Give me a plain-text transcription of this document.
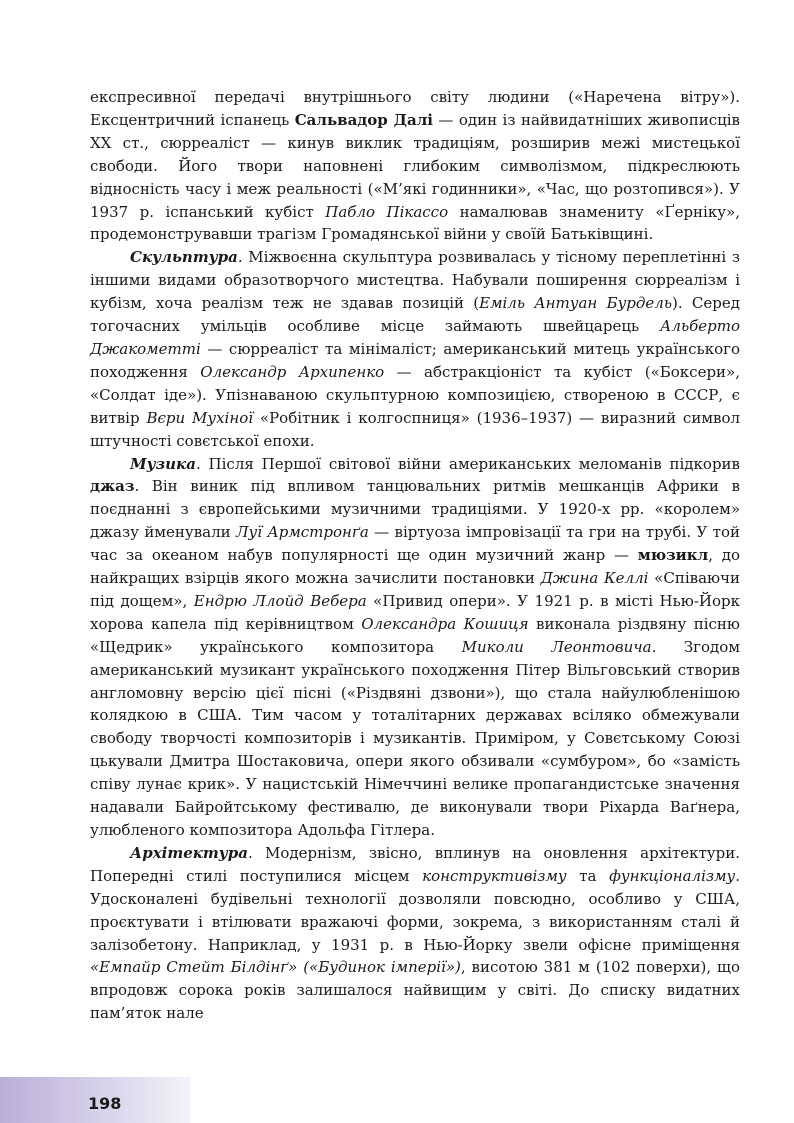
експресивної передачі внутрішнього світу людини («Наречена вітру»). Ексцентричний іспанець Сальвадор Далі — один із найвидатніших живописців XX ст., сюрреаліст — кинув виклик традиціям, розширив межі мистецької свободи. Його твори наповнені глибоким символізмом, підкреслюють відносність часу і меж реальності («М’які годинники», «Час, що розтопився»). У 1937 р. іспанський кубіст Пабло Пікассо намалював знамениту «Ґерніку», продемонструвавши трагізм Громадянської війни у своїй Батьківщині.

Скульптура. Міжвоєнна скульптура розвивалась у тісному переплетінні з іншими видами образотворчого мистецтва. Набували поширення сюрреалізм і кубізм, хоча реалізм теж не здавав позицій (Еміль Антуан Бурдель). Серед тогочасних умільців особливе місце займають швейцарець Альберто Джакометті — сюрреаліст та мінімаліст; американський митець українського походження Олександр Архипенко — абстракціоніст та кубіст («Боксери», «Солдат іде»). Упізнаваною скульптурною композицією, створеною в СССР, є витвір Вєри Мухіної «Робітник і колгоспниця» (1936–1937) — виразний символ штучності совєтської епохи.

Музика. Після Першої світової війни американських меломанів підкорив джаз. Він виник під впливом танцювальних ритмів мешканців Африки в поєднанні з європейськими музичними традиціями. У 1920-х рр. «королем» джазу йменували Луї Армстронґа — віртуоза імпровізації та гри на трубі. У той час за океаном набув популярності ще один музичний жанр — мюзикл, до найкращих взірців якого можна зачислити постановки Джина Келлі «Співаючи під дощем», Ендрю Ллойд Вебера «Привид опери». У 1921 р. в місті Нью-Йорк хорова капела під керівництвом Олександра Кошиця виконала різдвяну пісню «Щедрик» українського композитора Миколи Леонтовича. Згодом американський музикант українського походження Пітер Вільговський створив англомовну версію цієї пісні («Різдвяні дзвони»), що стала найулюбленішою колядкою в США. Тим часом у тоталітарних державах всіляко обмежували свободу творчості композиторів і музикантів. Приміром, у Совєтському Союзі цькували Дмитра Шостаковича, опери якого обзивали «сумбуром», бо «замість співу лунає крик». У нацистській Німеччині велике пропагандистське значення надавали Байройтському фестивалю, де виконували твори Ріхарда Ваґнера, улюбленого композитора Адольфа Гітлера.

Архітектура. Модернізм, звісно, вплинув на оновлення архітектури. Попередні стилі поступилися місцем конструктивізму та функціоналізму. Удосконалені будівельні технології дозволяли повсюдно, особливо у США, проєктувати і втілювати вражаючі форми, зокрема, з використанням сталі й залізобетону. Наприклад, у 1931 р. в Нью-Йорку звели офісне приміщення «Емпайр Стейт Білдінґ» («Будинок імперії»), висотою 381 м (102 поверхи), що впродовж сорока років залишалося найвищим у світі. До списку видатних пам’яток нале

198
